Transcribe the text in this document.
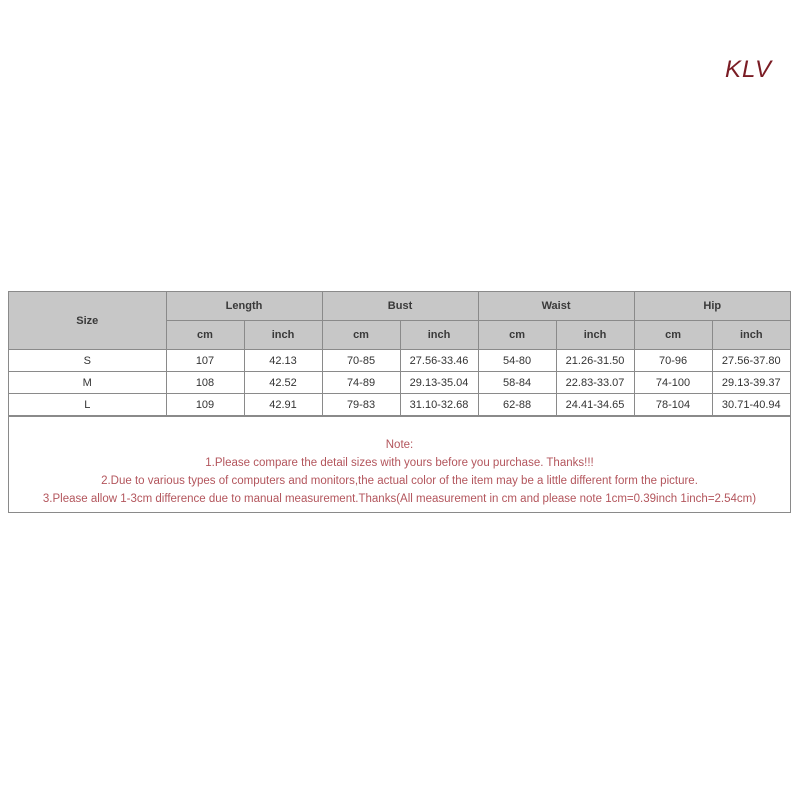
KLV
Size	Length		Bust		Waist		Hip	
	cm	inch	cm	inch	cm	inch	cm	inch
S	107	42.13	70-85	27.56-33.46	54-80	21.26-31.50	70-96	27.56-37.80
M	108	42.52	74-89	29.13-35.04	58-84	22.83-33.07	74-100	29.13-39.37
L	109	42.91	79-83	31.10-32.68	62-88	24.41-34.65	78-104	30.71-40.94
Note:
1.Please compare the detail sizes with yours before you purchase. Thanks!!!
2.Due to various types of computers and monitors,the actual color of the item may be a little different form the picture.
3.Please allow 1-3cm difference due to manual measurement.Thanks(All measurement in cm and please note 1cm=0.39inch 1inch=2.54cm)
